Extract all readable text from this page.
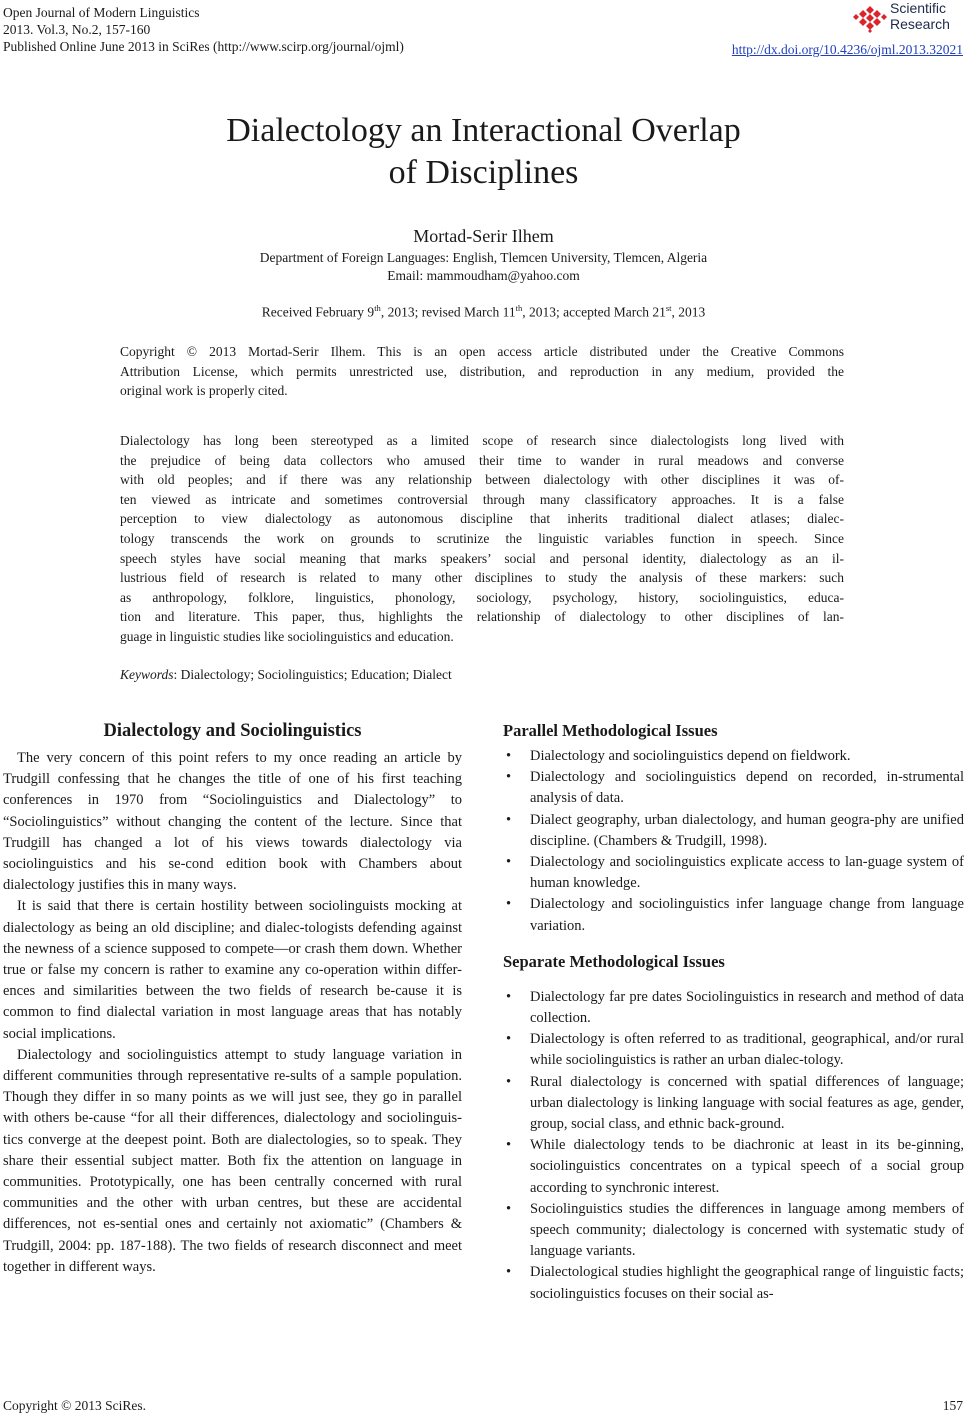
Open Journal of Modern Linguistics
2013. Vol.3, No.2, 157-160
Published Online June 2013 in SciRes (http://www.scirp.org/journal/ojml)
Scientific
Research
http://dx.doi.org/10.4236/ojml.2013.32021
Dialectology an Interactional Overlap
of Disciplines
Mortad-Serir Ilhem
Department of Foreign Languages: English, Tlemcen University, Tlemcen, Algeria
Email: mammoudham@yahoo.com
Received February 9th, 2013; revised March 11th, 2013; accepted March 21st, 2013
Copyright © 2013 Mortad-Serir Ilhem. This is an open access article distributed under the Creative Commons
Attribution License, which permits unrestricted use, distribution, and reproduction in any medium, provided the
original work is properly cited.
Dialectology has long been stereotyped as a limited scope of research since dialectologists long lived with
the prejudice of being data collectors who amused their time to wander in rural meadows and converse
with old peoples; and if there was any relationship between dialectology with other disciplines it was of-
ten viewed as intricate and sometimes controversial through many classificatory approaches. It is a false
perception to view dialectology as autonomous discipline that inherits traditional dialect atlases; dialec-
tology transcends the work on grounds to scrutinize the linguistic variables function in speech. Since
speech styles have social meaning that marks speakers’ social and personal identity, dialectology as an il-
lustrious field of research is related to many other disciplines to study the analysis of these markers: such
as anthropology, folklore, linguistics, phonology, sociology, psychology, history, sociolinguistics, educa-
tion and literature. This paper, thus, highlights the relationship of dialectology to other disciplines of lan-
guage in linguistic studies like sociolinguistics and education.
Keywords: Dialectology; Sociolinguistics; Education; Dialect
Dialectology and Sociolinguistics

The very concern of this point refers to my once reading an article by Trudgill confessing that he changes the title of one of his first teaching conferences in 1970 from “Sociolinguistics and Dialectology” to “Sociolinguistics” without changing the content of the lecture. Since that Trudgill has changed a lot of his views towards dialectology via sociolinguistics and his se-cond edition book with Chambers about dialectology justifies this in many ways.

It is said that there is certain hostility between sociolinguists mocking at dialectology as being an old discipline; and dialec-tologists defending against the newness of a science supposed to compete—or crash them down. Whether true or false my concern is rather to examine any co-operation within differ-ences and similarities between the two fields of research be-cause it is common to find dialectal variation in most language areas that has notably social implications.

Dialectology and sociolinguistics attempt to study language variation in different communities through representative re-sults of a sample population. Though they differ in so many points as we will just see, they go in parallel with others be-cause “for all their differences, dialectology and sociolinguis-tics converge at the deepest point. Both are dialectologies, so to speak. They share their essential subject matter. Both fix the attention on language in communities. Prototypically, one has been centrally concerned with rural communities and the other with urban centres, but these are accidental differences, not es-sential ones and certainly not axiomatic” (Chambers & Trudgill, 2004: pp. 187-188). The two fields of research disconnect and meet together in different ways.

Parallel Methodological Issues
• Dialectology and sociolinguistics depend on fieldwork.

• Dialectology and sociolinguistics depend on recorded, in-strumental analysis of data.

• Dialect geography, urban dialectology, and human geogra-phy are unified discipline. (Chambers & Trudgill, 1998).

• Dialectology and sociolinguistics explicate access to lan-guage system of human knowledge.

• Dialectology and sociolinguistics infer language change from language variation.

Separate Methodological Issues
• Dialectology far pre dates Sociolinguistics in research and method of data collection.

• Dialectology is often referred to as traditional, geographical, and/or rural while sociolinguistics is rather an urban dialec-tology.

• Rural dialectology is concerned with spatial differences of language; urban dialectology is linking language with social features as age, gender, group, social class, and ethnic back-ground.

• While dialectology tends to be diachronic at least in its be-ginning, sociolinguistics concentrates on a typical speech of a social group according to synchronic interest.

• Sociolinguistics studies the differences in language among members of speech community; dialectology is concerned with systematic study of language variants.

• Dialectological studies highlight the geographical range of linguistic facts; sociolinguistics focuses on their social as-

Copyright © 2013 SciRes.	157
